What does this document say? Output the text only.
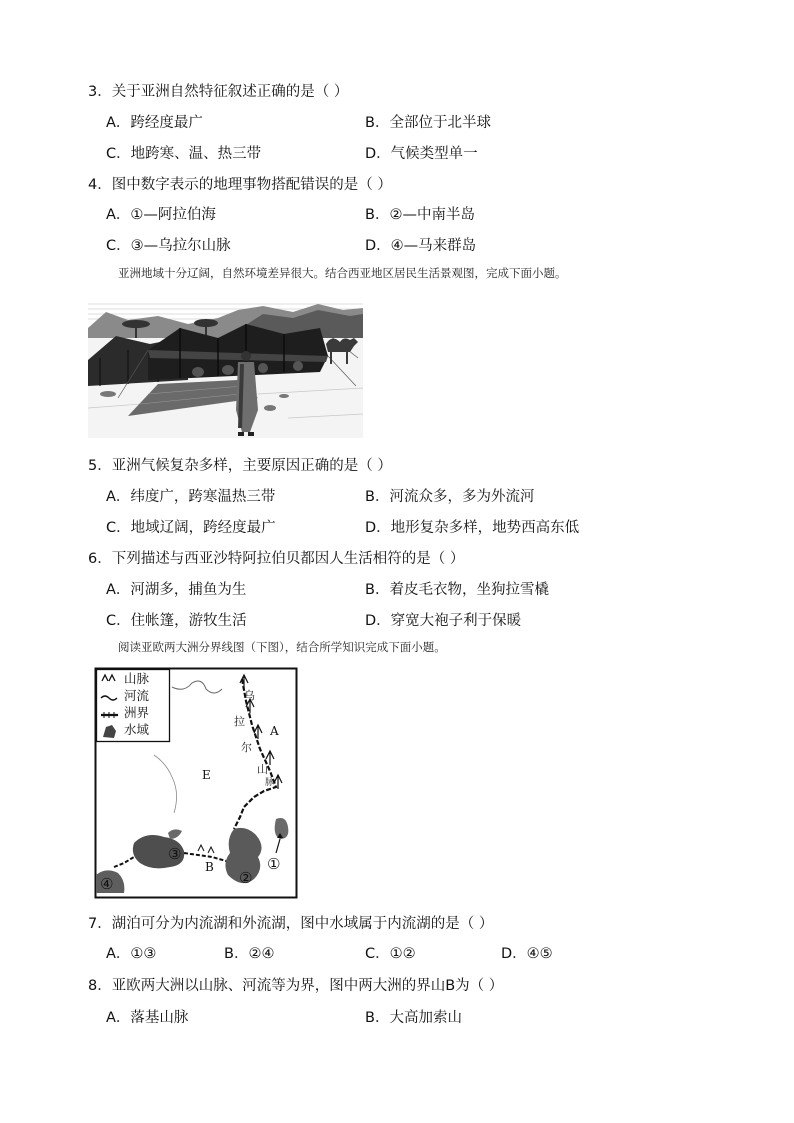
3．关于亚洲自然特征叙述正确的是（ ）
A．跨经度最广	B．全部位于北半球
C．地跨寒、温、热三带	D．气候类型单一
4．图中数字表示的地理事物搭配错误的是（ ）
A．①—阿拉伯海	B．②—中南半岛
C．③—乌拉尔山脉	D．④—马来群岛
亚洲地域十分辽阔，自然环境差异很大。结合西亚地区居民生活景观图，完成下面小题。
5．亚洲气候复杂多样，主要原因正确的是（ ）
A．纬度广，跨寒温热三带	B．河流众多，多为外流河
C．地域辽阔，跨经度最广	D．地形复杂多样，地势西高东低
6．下列描述与西亚沙特阿拉伯贝都因人生活相符的是（ ）
A．河湖多，捕鱼为生	B．着皮毛衣物，坐狗拉雪橇
C．住帐篷，游牧生活	D．穿宽大袍子利于保暖
阅读亚欧两大洲分界线图（下图），结合所学知识完成下面小题。
山脉
河流
洲界
水域
乌
拉
尔
山
脉
A
E
B
③
②
①
④
7．湖泊可分为内流湖和外流湖，图中水域属于内流湖的是（ ）
A．①③	B．②④	C．①②	D．④⑤
8．亚欧两大洲以山脉、河流等为界，图中两大洲的界山B为（ ）
A．落基山脉	B．大高加索山
